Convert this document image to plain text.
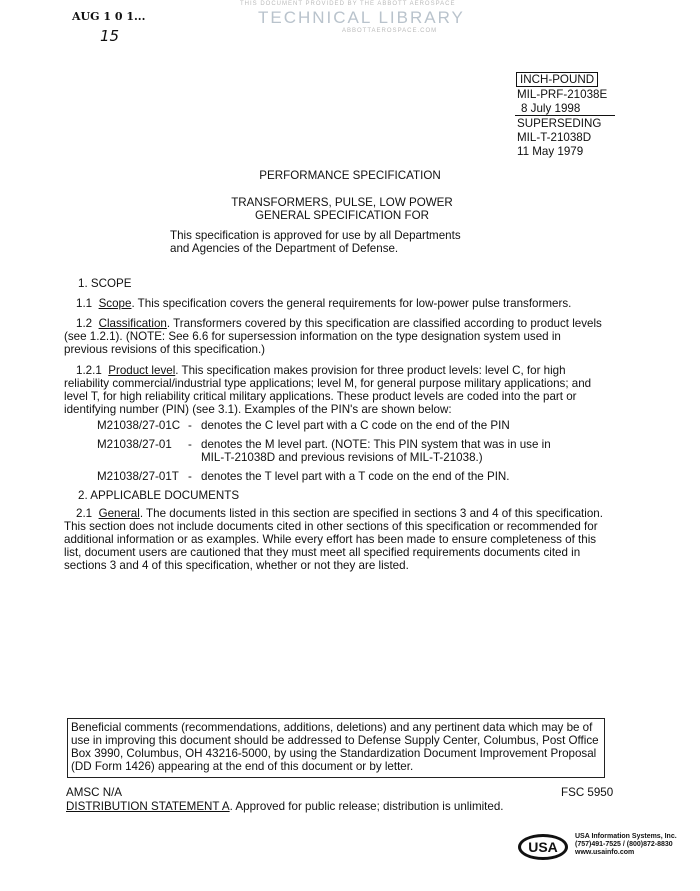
AUG 1 0 1...
15
THIS DOCUMENT PROVIDED BY THE ABBOTT AEROSPACE
TECHNICAL LIBRARY
ABBOTTAEROSPACE.COM
INCH-POUND
MIL-PRF-21038E
8 July 1998
SUPERSEDING
MIL-T-21038D
11 May 1979
PERFORMANCE SPECIFICATION
TRANSFORMERS, PULSE, LOW POWER
GENERAL SPECIFICATION FOR
This specification is approved for use by all Departments
and Agencies of the Department of Defense.
1. SCOPE
1.1 Scope. This specification covers the general requirements for low-power pulse transformers.
1.2 Classification. Transformers covered by this specification are classified according to product levels
(see 1.2.1). (NOTE: See 6.6 for supersession information on the type designation system used in
previous revisions of this specification.)
1.2.1 Product level. This specification makes provision for three product levels: level C, for high
reliability commercial/industrial type applications; level M, for general purpose military applications; and
level T, for high reliability critical military applications. These product levels are coded into the part or
identifying number (PIN) (see 3.1). Examples of the PIN's are shown below:
M21038/27-01C - denotes the C level part with a C code on the end of the PIN
M21038/27-01 - denotes the M level part. (NOTE: This PIN system that was in use in
MIL-T-21038D and previous revisions of MIL-T-21038.)
M21038/27-01T - denotes the T level part with a T code on the end of the PIN.
2. APPLICABLE DOCUMENTS
2.1 General. The documents listed in this section are specified in sections 3 and 4 of this specification.
This section does not include documents cited in other sections of this specification or recommended for
additional information or as examples. While every effort has been made to ensure completeness of this
list, document users are cautioned that they must meet all specified requirements documents cited in
sections 3 and 4 of this specification, whether or not they are listed.
Beneficial comments (recommendations, additions, deletions) and any pertinent data which may be of
use in improving this document should be addressed to Defense Supply Center, Columbus, Post Office
Box 3990, Columbus, OH 43216-5000, by using the Standardization Document Improvement Proposal
(DD Form 1426) appearing at the end of this document or by letter.
AMSC N/A	FSC 5950
DISTRIBUTION STATEMENT A. Approved for public release; distribution is unlimited.
USA
USA Information Systems, Inc.
(757)491-7525 / (800)872-8830
www.usainfo.com
